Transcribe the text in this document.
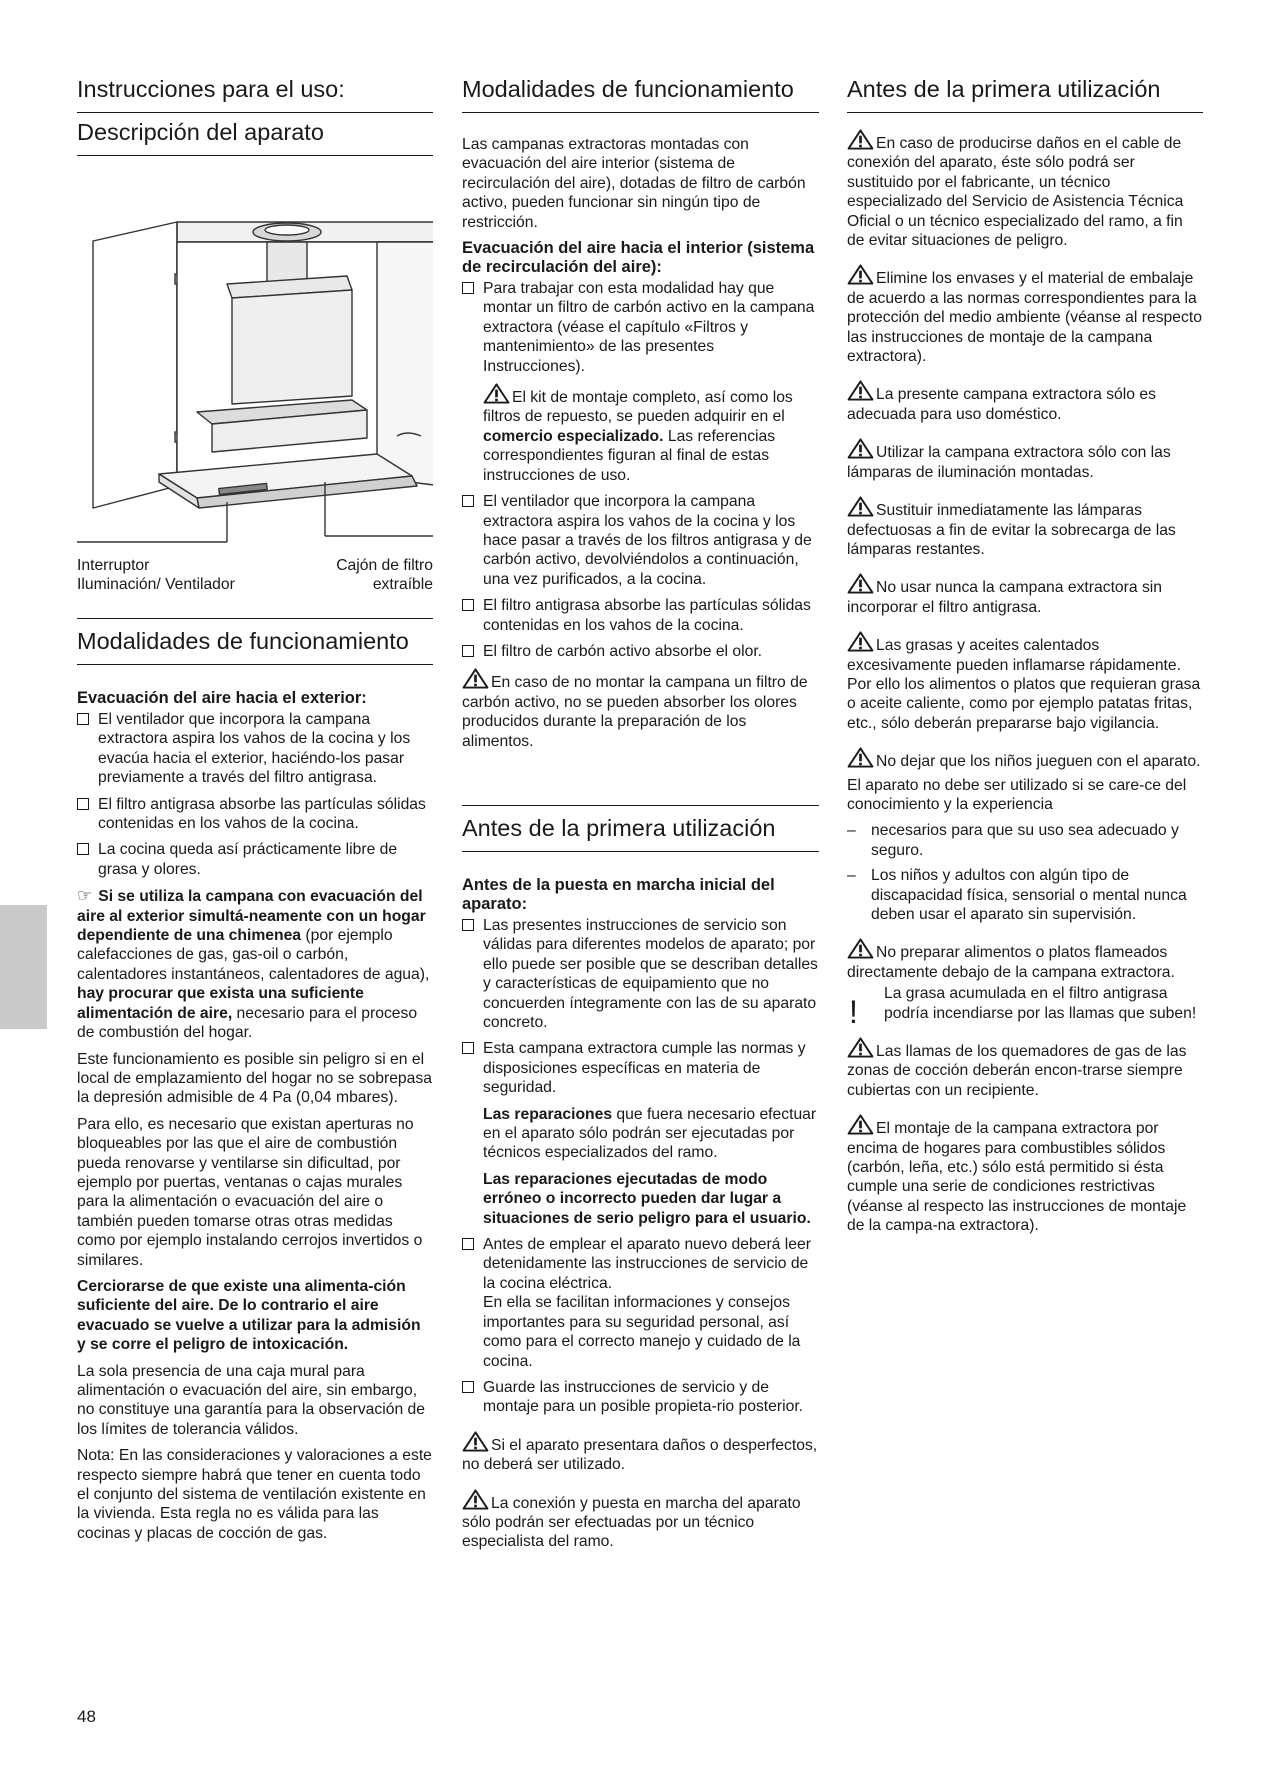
Instrucciones para el uso:
Descripción del aparato
Interruptor
Iluminación/ Ventilador
Cajón de filtro
extraíble
Modalidades de funcionamiento
Evacuación del aire hacia el exterior:
El ventilador que incorpora la campana extractora aspira los vahos de la cocina y los evacúa hacia el exterior, haciéndo-los pasar previamente a través del filtro antigrasa.
El filtro antigrasa absorbe las partículas sólidas contenidas en los vahos de la cocina.
La cocina queda así prácticamente libre de grasa y olores.

☞ Si se utiliza la campana con evacuación del aire al exterior simultá-neamente con un hogar dependiente de una chimenea (por ejemplo calefacciones de gas, gas-oil o carbón, calentadores instantáneos, calentadores de agua), hay procurar que exista una suficiente alimentación de aire, necesario para el proceso de combustión del hogar.

Este funcionamiento es posible sin peligro si en el local de emplazamiento del hogar no se sobrepasa la depresión admisible de 4 Pa (0,04 mbares).

Para ello, es necesario que existan aperturas no bloqueables por las que el aire de combustión pueda renovarse y ventilarse sin dificultad, por ejemplo por puertas, ventanas o cajas murales para la alimentación o evacuación del aire o también pueden tomarse otras otras medidas como por ejemplo instalando cerrojos invertidos o similares.

Cerciorarse de que existe una alimenta-ción suficiente del aire. De lo contrario el aire evacuado se vuelve a utilizar para la admisión y se corre el peligro de intoxicación.

La sola presencia de una caja mural para alimentación o evacuación del aire, sin embargo, no constituye una garantía para la observación de los límites de tolerancia válidos.

Nota: En las consideraciones y valoraciones a este respecto siempre habrá que tener en cuenta todo el conjunto del sistema de ventilación existente en la vivienda. Esta regla no es válida para las cocinas y placas de cocción de gas.

Modalidades de funcionamiento

Las campanas extractoras montadas con evacuación del aire interior (sistema de recirculación del aire), dotadas de filtro de carbón activo, pueden funcionar sin ningún tipo de restricción.

Evacuación del aire hacia el interior (sistema de recirculación del aire):
Para trabajar con esta modalidad hay que montar un filtro de carbón activo en la campana extractora (véase el capítulo «Filtros y mantenimiento» de las presentes Instrucciones).
El kit de montaje completo, así como los filtros de repuesto, se pueden adquirir en el comercio especializado. Las referencias correspondientes figuran al final de estas instrucciones de uso.
El ventilador que incorpora la campana extractora aspira los vahos de la cocina y los hace pasar a través de los filtros antigrasa y de carbón activo, devolviéndolos a continuación, una vez purificados, a la cocina.
El filtro antigrasa absorbe las partículas sólidas contenidas en los vahos de la cocina.
El filtro de carbón activo absorbe el olor.

En caso de no montar la campana un filtro de carbón activo, no se pueden absorber los olores producidos durante la preparación de los alimentos.

Antes de la primera utilización
Antes de la puesta en marcha inicial del aparato:
Las presentes instrucciones de servicio son válidas para diferentes modelos de aparato; por ello puede ser posible que se describan detalles y características de equipamiento que no concuerden íntegramente con las de su aparato concreto.
Esta campana extractora cumple las normas y disposiciones específicas en materia de seguridad.
Las reparaciones que fuera necesario efectuar en el aparato sólo podrán ser ejecutadas por técnicos especializados del ramo.
Las reparaciones ejecutadas de modo erróneo o incorrecto pueden dar lugar a situaciones de serio peligro para el usuario.
Antes de emplear el aparato nuevo deberá leer detenidamente las instrucciones de servicio de la cocina eléctrica.
En ella se facilitan informaciones y consejos importantes para su seguridad personal, así como para el correcto manejo y cuidado de la cocina.
Guarde las instrucciones de servicio y de montaje para un posible propieta-rio posterior.

Si el aparato presentara daños o desperfectos, no deberá ser utilizado.

La conexión y puesta en marcha del aparato sólo podrán ser efectuadas por un técnico especialista del ramo.

Antes de la primera utilización

En caso de producirse daños en el cable de conexión del aparato, éste sólo podrá ser sustituido por el fabricante, un técnico especializado del Servicio de Asistencia Técnica Oficial o un técnico especializado del ramo, a fin de evitar situaciones de peligro.

Elimine los envases y el material de embalaje de acuerdo a las normas correspondientes para la protección del medio ambiente (véanse al respecto las instrucciones de montaje de la campana extractora).

La presente campana extractora sólo es adecuada para uso doméstico.

Utilizar la campana extractora sólo con las lámparas de iluminación montadas.

Sustituir inmediatamente las lámparas defectuosas a fin de evitar la sobrecarga de las lámparas restantes.

No usar nunca la campana extractora sin incorporar el filtro antigrasa.

Las grasas y aceites calentados excesivamente pueden inflamarse rápidamente. Por ello los alimentos o platos que requieran grasa o aceite caliente, como por ejemplo patatas fritas, etc., sólo deberán prepararse bajo vigilancia.

No dejar que los niños jueguen con el aparato.

El aparato no debe ser utilizado si se care-ce del conocimiento y la experiencia

– necesarios para que su uso sea adecuado y seguro.
– Los niños y adultos con algún tipo de discapacidad física, sensorial o mental nunca deben usar el aparato sin supervisión.

No preparar alimentos o platos flameados directamente debajo de la campana extractora.

!
La grasa acumulada en el filtro antigrasa podría incendiarse por las llamas que suben!

Las llamas de los quemadores de gas de las zonas de cocción deberán encon-trarse siempre cubiertas con un recipiente.

El montaje de la campana extractora por encima de hogares para combustibles sólidos (carbón, leña, etc.) sólo está permitido si ésta cumple una serie de condiciones restrictivas (véanse al respecto las instrucciones de montaje de la campa-na extractora).

48
